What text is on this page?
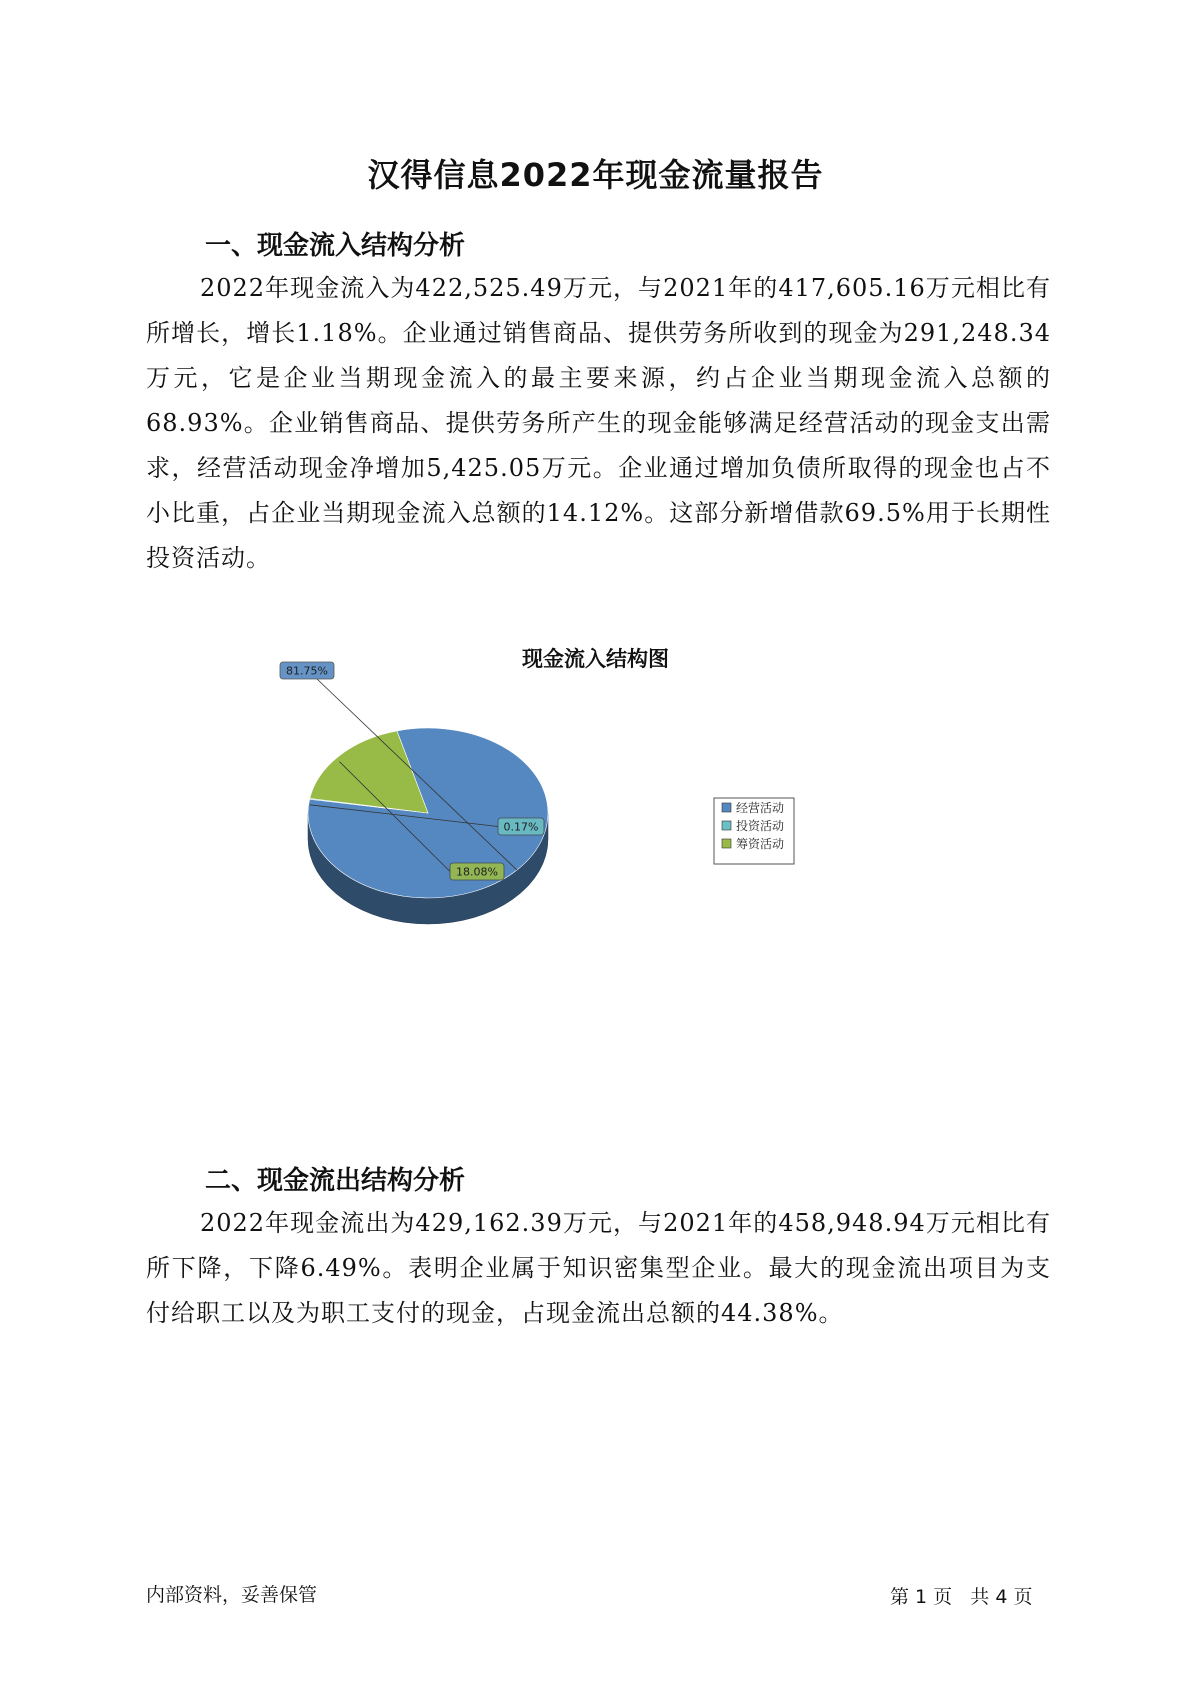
汉得信息2022年现金流量报告
一、现金流入结构分析

2022年现金流入为422,525.49万元，与2021年的417,605.16万元相比有所增长，增长1.18%。企业通过销售商品、提供劳务所收到的现金为291,248.34万元，它是企业当期现金流入的最主要来源，约占企业当期现金流入总额的68.93%。企业销售商品、提供劳务所产生的现金能够满足经营活动的现金支出需求，经营活动现金净增加5,425.05万元。企业通过增加负债所取得的现金也占不小比重，占企业当期现金流入总额的14.12%。这部分新增借款69.5%用于长期性投资活动。

现金流入结构图
81.75%
0.17%
18.08%
经营活动
投资活动
筹资活动
二、现金流出结构分析

2022年现金流出为429,162.39万元，与2021年的458,948.94万元相比有所下降，下降6.49%。表明企业属于知识密集型企业。最大的现金流出项目为支付给职工以及为职工支付的现金，占现金流出总额的44.38%。

内部资料，妥善保管	第 1 页   共 4 页
